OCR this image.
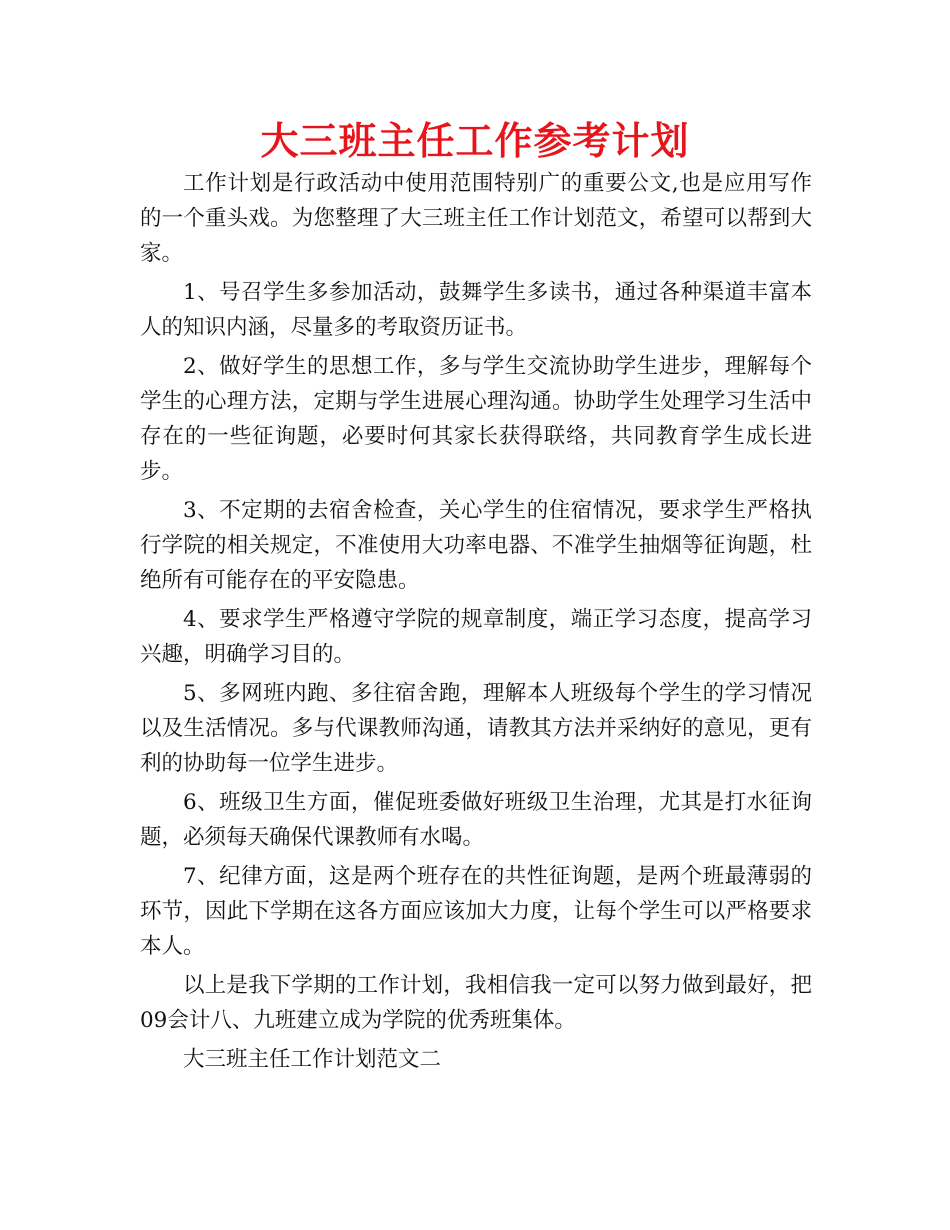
大三班主任工作参考计划

工作计划是行政活动中使用范围特别广的重要公文,也是应用写作的一个重头戏。为您整理了大三班主任工作计划范文，希望可以帮到大家。

1、号召学生多参加活动，鼓舞学生多读书，通过各种渠道丰富本人的知识内涵，尽量多的考取资历证书。

2、做好学生的思想工作，多与学生交流协助学生进步，理解每个学生的心理方法，定期与学生进展心理沟通。协助学生处理学习生活中存在的一些征询题，必要时何其家长获得联络，共同教育学生成长进步。

3、不定期的去宿舍检查，关心学生的住宿情况，要求学生严格执行学院的相关规定，不准使用大功率电器、不准学生抽烟等征询题，杜绝所有可能存在的平安隐患。

4、要求学生严格遵守学院的规章制度，端正学习态度，提高学习兴趣，明确学习目的。

5、多网班内跑、多往宿舍跑，理解本人班级每个学生的学习情况以及生活情况。多与代课教师沟通，请教其方法并采纳好的意见，更有利的协助每一位学生进步。

6、班级卫生方面，催促班委做好班级卫生治理，尤其是打水征询题，必须每天确保代课教师有水喝。

7、纪律方面，这是两个班存在的共性征询题，是两个班最薄弱的环节，因此下学期在这各方面应该加大力度，让每个学生可以严格要求本人。

以上是我下学期的工作计划，我相信我一定可以努力做到最好，把09会计八、九班建立成为学院的优秀班集体。

大三班主任工作计划范文二
